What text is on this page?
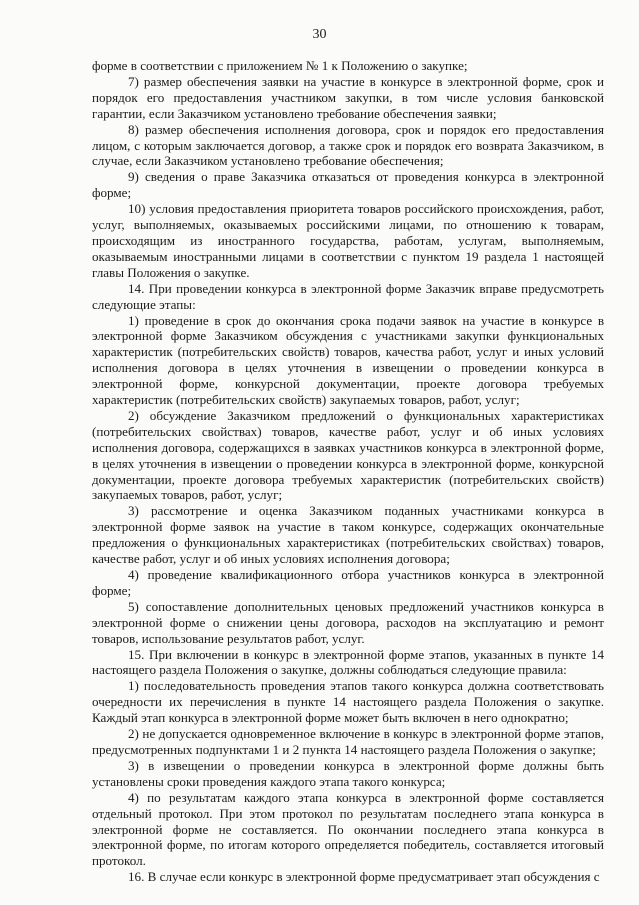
30

форме в соответствии с приложением № 1 к Положению о закупке;

7) размер обеспечения заявки на участие в конкурсе в электронной форме, срок и порядок его предоставления участником закупки, в том числе условия банковской гарантии, если Заказчиком установлено требование обеспечения заявки;

8) размер обеспечения исполнения договора, срок и порядок его предоставления лицом, с которым заключается договор, а также срок и порядок его возврата Заказчиком, в случае, если Заказчиком установлено требование обеспечения;

9) сведения о праве Заказчика отказаться от проведения конкурса в электронной форме;

10) условия предоставления приоритета товаров российского происхождения, работ, услуг, выполняемых, оказываемых российскими лицами, по отношению к товарам, происходящим из иностранного государства, работам, услугам, выполняемым, оказываемым иностранными лицами в соответствии с пунктом 19 раздела 1 настоящей главы Положения о закупке.

14. При проведении конкурса в электронной форме Заказчик вправе предусмотреть следующие этапы:

1) проведение в срок до окончания срока подачи заявок на участие в конкурсе в электронной форме Заказчиком обсуждения с участниками закупки функциональных характеристик (потребительских свойств) товаров, качества работ, услуг и иных условий исполнения договора в целях уточнения в извещении о проведении конкурса в электронной форме, конкурсной документации, проекте договора требуемых характеристик (потребительских свойств) закупаемых товаров, работ, услуг;

2) обсуждение Заказчиком предложений о функциональных характеристиках (потребительских свойствах) товаров, качестве работ, услуг и об иных условиях исполнения договора, содержащихся в заявках участников конкурса в электронной форме, в целях уточнения в извещении о проведении конкурса в электронной форме, конкурсной документации, проекте договора требуемых характеристик (потребительских свойств) закупаемых товаров, работ, услуг;

3) рассмотрение и оценка Заказчиком поданных участниками конкурса в электронной форме заявок на участие в таком конкурсе, содержащих окончательные предложения о функциональных характеристиках (потребительских свойствах) товаров, качестве работ, услуг и об иных условиях исполнения договора;

4) проведение квалификационного отбора участников конкурса в электронной форме;

5) сопоставление дополнительных ценовых предложений участников конкурса в электронной форме о снижении цены договора, расходов на эксплуатацию и ремонт товаров, использование результатов работ, услуг.

15. При включении в конкурс в электронной форме этапов, указанных в пункте 14 настоящего раздела Положения о закупке, должны соблюдаться следующие правила:

1) последовательность проведения этапов такого конкурса должна соответствовать очередности их перечисления в пункте 14 настоящего раздела Положения о закупке. Каждый этап конкурса в электронной форме может быть включен в него однократно;

2) не допускается одновременное включение в конкурс в электронной форме этапов, предусмотренных подпунктами 1 и 2 пункта 14 настоящего раздела Положения о закупке;

3) в извещении о проведении конкурса в электронной форме должны быть установлены сроки проведения каждого этапа такого конкурса;

4) по результатам каждого этапа конкурса в электронной форме составляется отдельный протокол. При этом протокол по результатам последнего этапа конкурса в электронной форме не составляется. По окончании последнего этапа конкурса в электронной форме, по итогам которого определяется победитель, составляется итоговый протокол.

16. В случае если конкурс в электронной форме предусматривает этап обсуждения с
